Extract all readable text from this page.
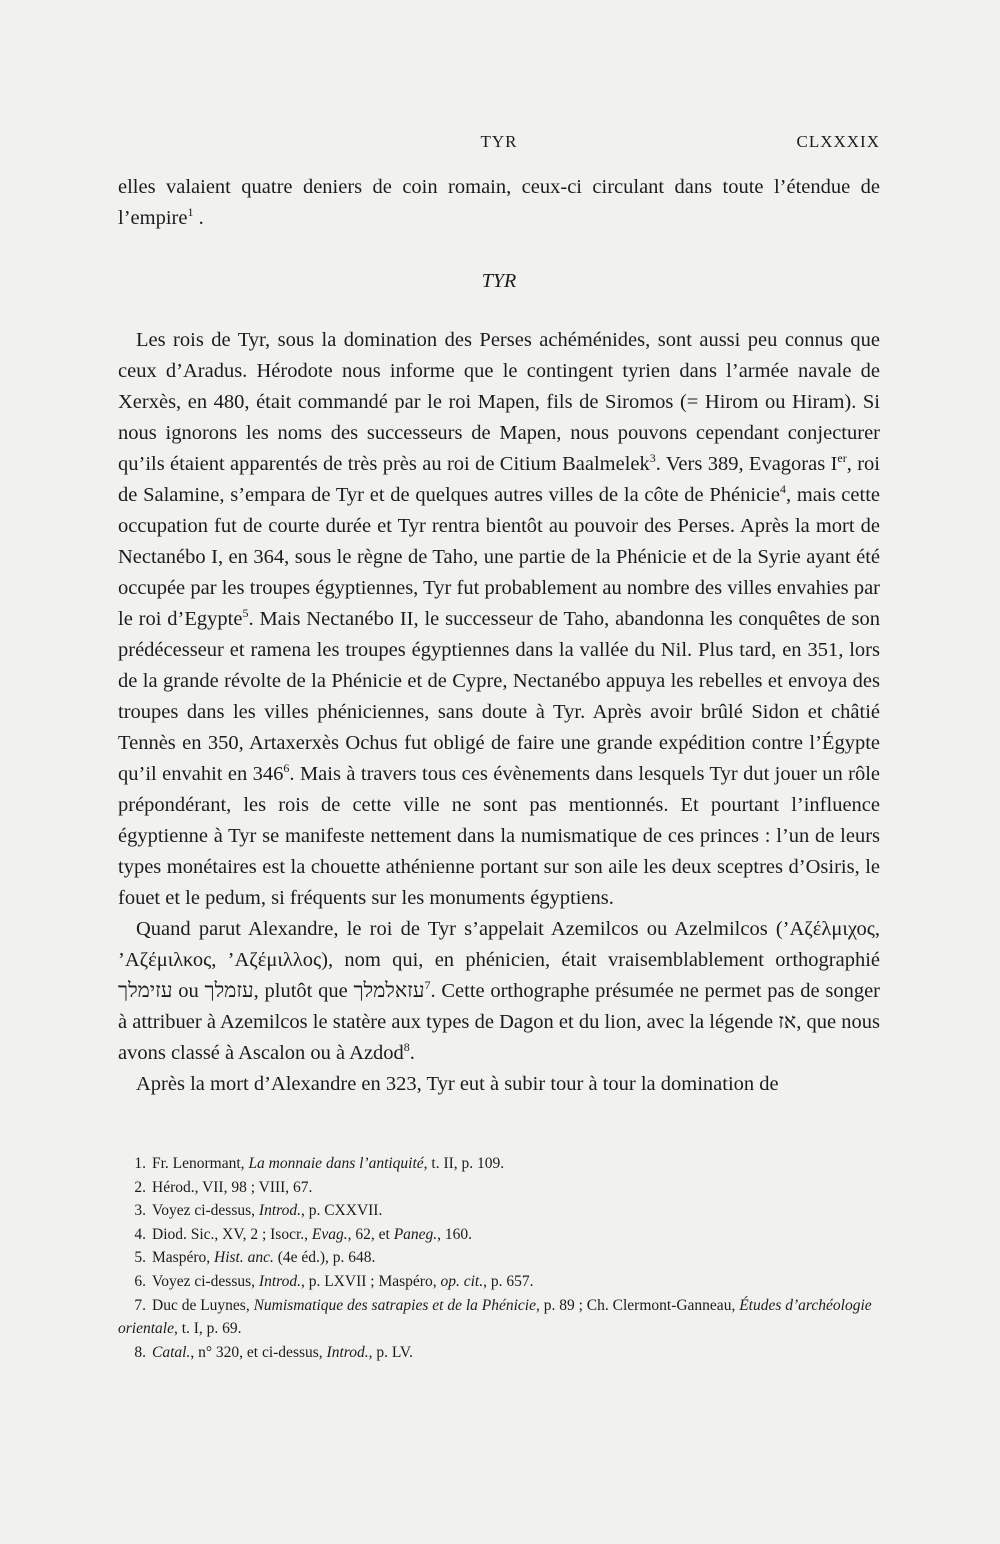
TYR	CLXXXIX

elles valaient quatre deniers de coin romain, ceux-ci circulant dans toute l’étendue de l’empire$^1$ .

TYR

Les rois de Tyr, sous la domination des Perses achéménides, sont aussi peu connus que ceux d’Aradus. Hérodote nous informe que le contingent tyrien dans l’armée navale de Xerxès, en 480, était commandé par le roi Mapen, fils de Siromos (= Hirom ou Hiram). Si nous ignorons les noms des successeurs de Mapen, nous pouvons cependant conjecturer qu’ils étaient apparentés de très près au roi de Citium Baalmelek$^3$. Vers 389, Evagoras Ier, roi de Salamine, s’empara de Tyr et de quelques autres villes de la côte de Phénicie$^4$, mais cette occupation fut de courte durée et Tyr rentra bientôt au pouvoir des Perses. Après la mort de Nectanébo I, en 364, sous le règne de Taho, une partie de la Phénicie et de la Syrie ayant été occupée par les troupes égyptiennes, Tyr fut probablement au nombre des villes envahies par le roi d’Egypte$^5$. Mais Nectanébo II, le successeur de Taho, abandonna les conquêtes de son prédécesseur et ramena les troupes égyptiennes dans la vallée du Nil. Plus tard, en 351, lors de la grande révolte de la Phénicie et de Cypre, Nectanébo appuya les rebelles et envoya des troupes dans les villes phéniciennes, sans doute à Tyr. Après avoir brûlé Sidon et châtié Tennès en 350, Artaxerxès Ochus fut obligé de faire une grande expédition contre l’Égypte qu’il envahit en $346^6$. Mais à travers tous ces évènements dans lesquels Tyr dut jouer un rôle prépondérant, les rois de cette ville ne sont pas mentionnés. Et pourtant l’influence égyptienne à Tyr se manifeste nettement dans la numismatique de ces princes : l’un de leurs types monétaires est la chouette athénienne portant sur son aile les deux sceptres d’Osiris, le fouet et le pedum, si fréquents sur les monuments égyptiens.

Quand parut Alexandre, le roi de Tyr s’appelait Azemilcos ou Azelmilcos (’Αζέλμιχος, ’Αζέμιλκος, ’Αζέμιλλος), nom qui, en phénicien, était vraisemblablement orthographié עזימלך ou עזמלך, plutôt que עזאלמלך$^7$. Cette orthographe présumée ne permet pas de songer à attribuer à Azemilcos le statère aux types de Dagon et du lion, avec la légende אז, que nous avons classé à Ascalon ou à Azdod$^8$.

Après la mort d’Alexandre en 323, Tyr eut à subir tour à tour la domination de

1. Fr. Lenormant, La monnaie dans l’antiquité, t. II, p. 109.
2. Hérod., VII, 98 ; VIII, 67.
3. Voyez ci-dessus, Introd., p. CXXVII.
4. Diod. Sic., XV, 2 ; Isocr., Evag., 62, et Paneg., 160.
5. Maspéro, Hist. anc. (4e éd.), p. 648.
6. Voyez ci-dessus, Introd., p. LXVII ; Maspéro, op. cit., p. 657.
7. Duc de Luynes, Numismatique des satrapies et de la Phénicie, p. 89 ; Ch. Clermont-Ganneau, Études d’archéologie orientale, t. I, p. 69.
8. Catal., n° 320, et ci-dessus, Introd., p. LV.
